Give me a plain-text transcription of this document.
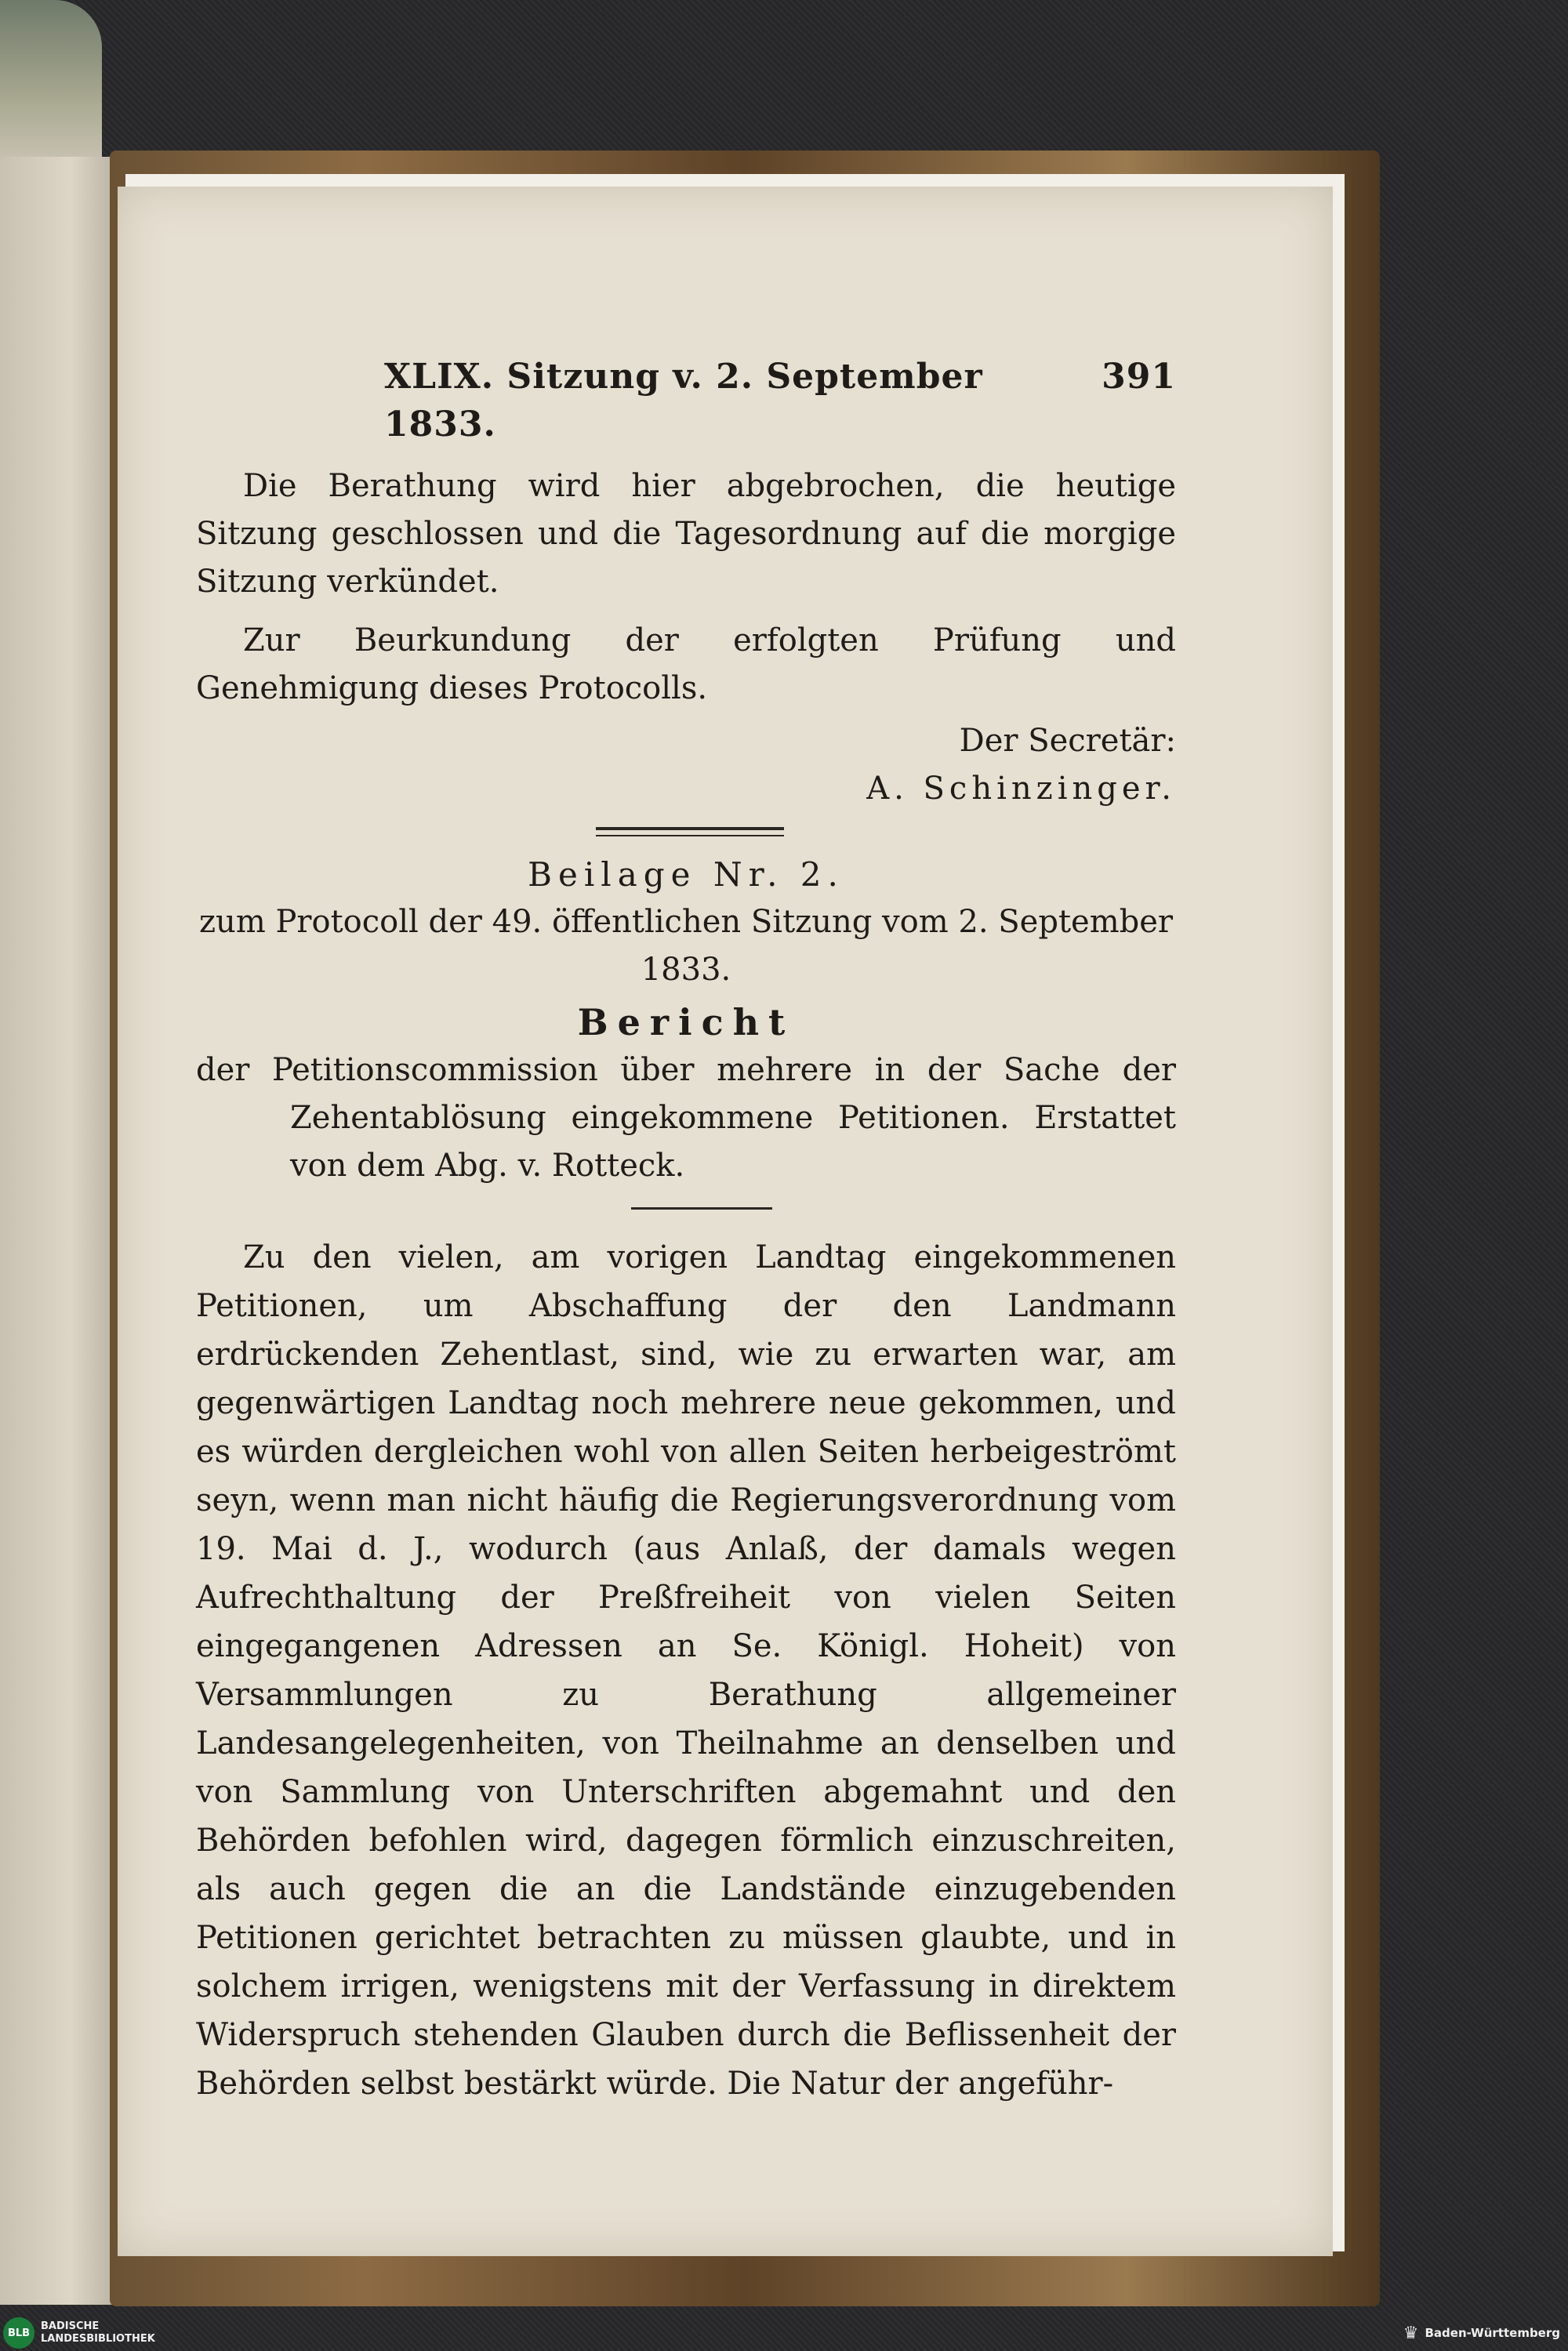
XLIX. Sitzung v. 2. September 1833.
391

Die Berathung wird hier abgebrochen, die heutige Sitzung geschlossen und die Tagesordnung auf die morgige Sitzung verkündet.

Zur Beurkundung der erfolgten Prüfung und Genehmigung dieses Protocolls.

Der Secretär:

A. Schinzinger.

Beilage Nr. 2.

zum Protocoll der 49. öffentlichen Sitzung vom 2. September 1833.

Bericht

der Petitionscommission über mehrere in der Sache der Zehentablösung eingekommene Petitionen. Erstattet von dem Abg. v. Rotteck.

Zu den vielen, am vorigen Landtag eingekommenen Petitionen, um Abschaffung der den Landmann erdrückenden Zehentlast, sind, wie zu erwarten war, am gegenwärtigen Landtag noch mehrere neue gekommen, und es würden dergleichen wohl von allen Seiten herbeigeströmt seyn, wenn man nicht häufig die Regierungsverordnung vom 19. Mai d. J., wodurch (aus Anlaß, der damals wegen Aufrechthaltung der Preßfreiheit von vielen Seiten eingegangenen Adressen an Se. Königl. Hoheit) von Versammlungen zu Berathung allgemeiner Landesangelegenheiten, von Theilnahme an denselben und von Sammlung von Unterschriften abgemahnt und den Behörden befohlen wird, dagegen förmlich einzuschreiten, als auch gegen die an die Landstände einzugebenden Petitionen gerichtet betrachten zu müssen glaubte, und in solchem irrigen, wenigstens mit der Verfassung in direktem Widerspruch stehenden Glauben durch die Beflissenheit der Behörden selbst bestärkt würde. Die Natur der angeführ-

BLB
BADISCHE
LANDESBIBLIOTHEK	♛ Baden-Württemberg
